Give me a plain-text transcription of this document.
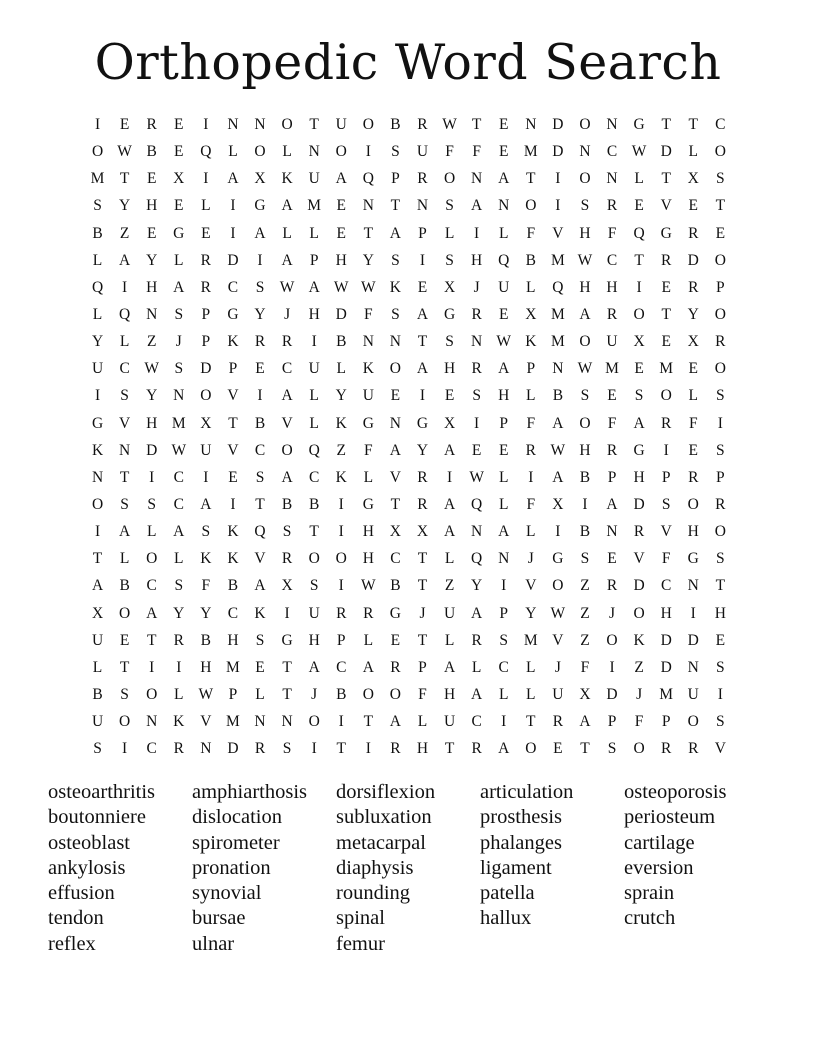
Orthopedic Word Search
I	E	R	E	I	N	N	O	T	U	O	B	R W T	E	N	D	O	N	G	T	T	C
O W B	E	Q	L	O	L	N	O	I	S	U	F	F	E M D	N	C W D	L	O
M T	E	X	I	A	X	K	U	A	Q	P	R	O	N	A	T	I	O	N	L	T	X	S
S	Y	H	E	L	I	G	A M E	N	T	N	S	A	N	O	I	S	R	E	V	E	T
B	Z	E	G	E	I	A	L	L	E	T	A	P	L	I	L	F	V	H	F	Q	G	R	E
L	A	Y	L	R	D	I	A	P	H	Y	S	I	S	H	Q	B M W C	T	R	D	O
Q	I	H	A	R	C	S W A W W K	E	X	J	U	L	Q	H	H	I	E	R	P
L	Q	N	S	P	G	Y	J	H	D	F	S	A	G	R	E	X M A	R	O	T	Y	O
Y	L	Z	J	P	K	R	R	I	B	N	N	T	S	N W K M O	U	X	E	X	R
U	C W S	D	P	E	C	U	L	K	O	A	H	R	A	P	N W M E M E	O
I	S	Y	N	O	V	I	A	L	Y	U	E	I	E	S	H	L	B	S	E	S	O	L	S
G	V	H M X	T	B	V	L	K	G	N	G	X	I	P	F	A	O	F	A	R	F	I
K	N	D W U	V	C	O	Q	Z	F	A	Y	A	E	E	R W H	R	G	I	E	S
N	T	I	C	I	E	S	A	C	K	L	V	R	I	W L	I	A	B	P	H	P	R	P
O	S	S	C	A	I	T	B	B	I	G	T	R	A	Q	L	F	X	I	A	D	S	O	R
I	A	L	A	S	K	Q	S	T	I	H	X	X	A	N	A	L	I	B	N	R	V	H	O
T	L	O	L	K	K	V	R	O	O	H	C	T	L	Q	N	J	G	S	E	V	F	G	S
A	B	C	S	F	B	A	X	S	I	W B	T	Z	Y	I	V	O	Z	R	D	C	N	T
X	O	A	Y	Y	C	K	I	U	R	R	G	J	U	A	P	Y W Z	J	O	H	I	H
U	E	T	R	B	H	S	G	H	P	L	E	T	L	R	S	M V	Z	O	K	D	D	E
L	T	I	I	H M E	T	A	C	A	R	P	A	L	C	L	J	F	I	Z	D	N	S
B	S	O	L W P	L	T	J	B	O	O	F	H	A	L	L	U	X	D	J	M U	I
U	O	N	K	V M N	N	O	I	T	A	L	U	C	I	T	R	A	P	F	P	O	S
S	I	C	R	N	D	R	S	I	T	I	R	H	T	R	A	O	E	T	S	O	R	R	V
osteoarthritis
boutonniere
osteoblast
ankylosis
effusion
tendon
reflex
amphiarthosis
dislocation
spirometer
pronation
synovial
bursae
ulnar
dorsiflexion
subluxation
metacarpal
diaphysis
rounding
spinal
femur
articulation
prosthesis
phalanges
ligament
patella
hallux
osteoporosis
periosteum
cartilage
eversion
sprain
crutch
